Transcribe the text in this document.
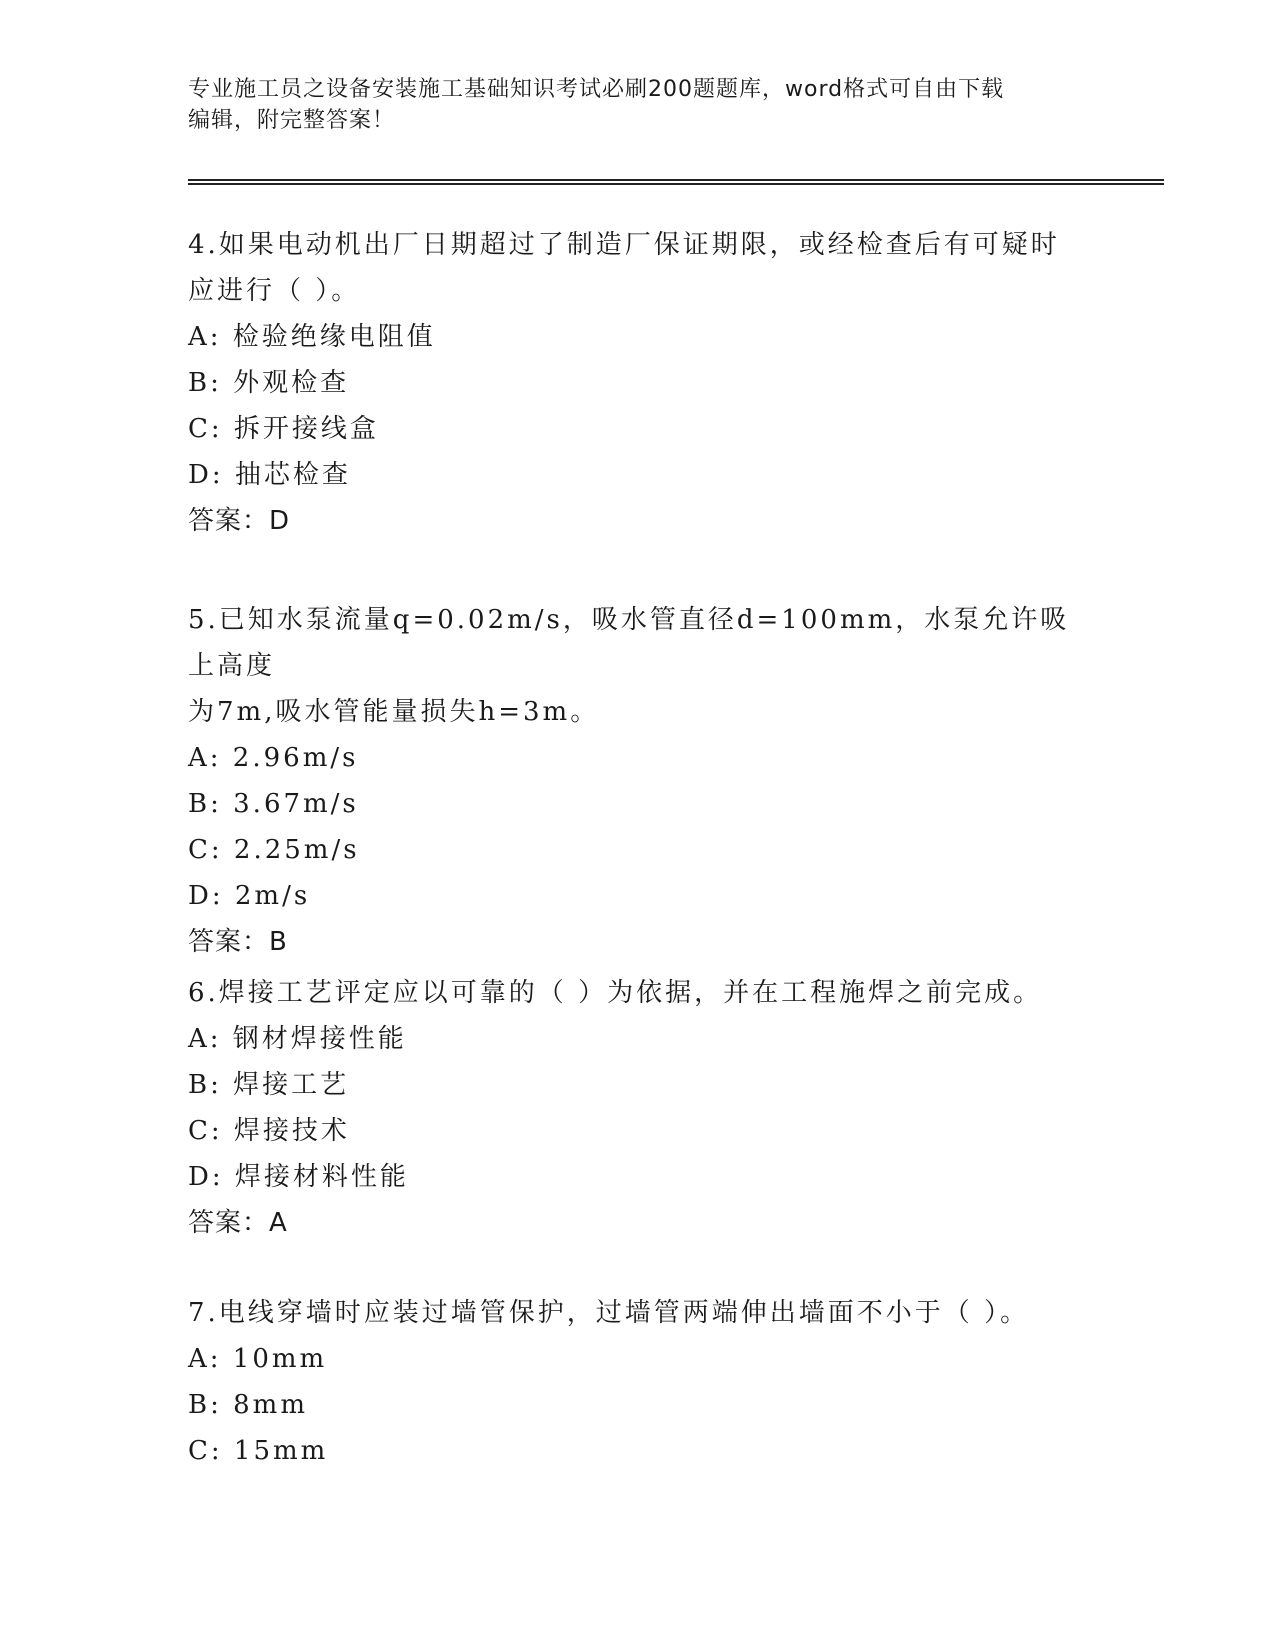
专业施工员之设备安装施工基础知识考试必刷200题题库，word格式可自由下载
编辑，附完整答案！
4.如果电动机出厂日期超过了制造厂保证期限，或经检查后有可疑时
应进行（ ）。
A: 检验绝缘电阻值
B: 外观检查
C: 拆开接线盒
D: 抽芯检查
答案：D
5.已知水泵流量q=0.02m/s，吸水管直径d=100mm，水泵允许吸上高度
为7m,吸水管能量损失h=3m。
A: 2.96m/s
B: 3.67m/s
C: 2.25m/s
D: 2m/s
答案：B
6.焊接工艺评定应以可靠的（ ）为依据，并在工程施焊之前完成。
A: 钢材焊接性能
B: 焊接工艺
C: 焊接技术
D: 焊接材料性能
答案：A
7.电线穿墙时应装过墙管保护，过墙管两端伸出墙面不小于（ ）。
A: 10mm
B: 8mm
C: 15mm
